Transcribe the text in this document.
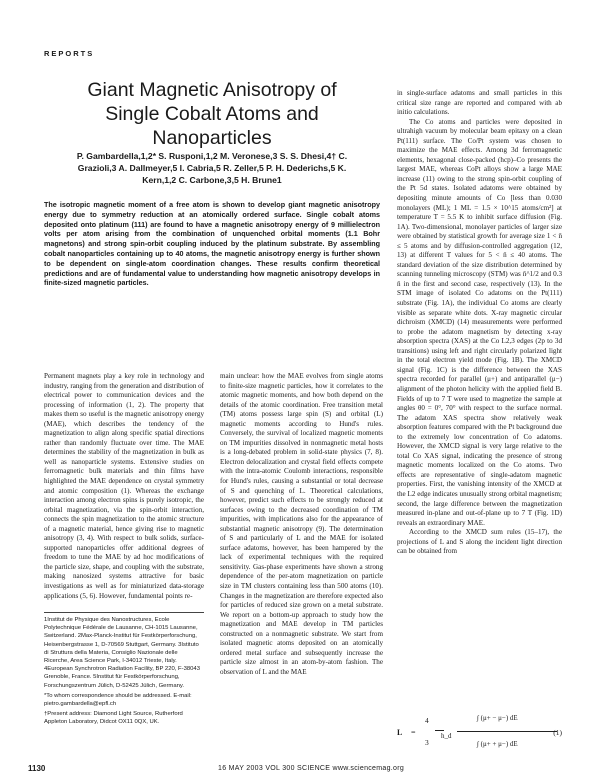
REPORTS
Giant Magnetic Anisotropy of Single Cobalt Atoms and Nanoparticles
P. Gambardella,1,2* S. Rusponi,1,2 M. Veronese,3 S. S. Dhesi,4† C. Grazioli,3 A. Dallmeyer,5 I. Cabria,5 R. Zeller,5 P. H. Dederichs,5 K. Kern,1,2 C. Carbone,3,5 H. Brune1

The isotropic magnetic moment of a free atom is shown to develop giant magnetic anisotropy energy due to symmetry reduction at an atomically ordered surface. Single cobalt atoms deposited onto platinum (111) are found to have a magnetic anisotropy energy of 9 millielectron volts per atom arising from the combination of unquenched orbital moments (1.1 Bohr magnetons) and strong spin-orbit coupling induced by the platinum substrate. By assembling cobalt nanoparticles containing up to 40 atoms, the magnetic anisotropy energy is further shown to be dependent on single-atom coordination changes. These results confirm theoretical predictions and are of fundamental value to understanding how magnetic anisotropy develops in finite-sized magnetic particles.

Permanent magnets play a key role in technology and industry, ranging from the generation and distribution of electrical power to communication devices and the processing of information (1, 2). The property that makes them so useful is the magnetic anisotropy energy (MAE), which describes the tendency of the magnetization to align along specific spatial directions rather than randomly fluctuate over time. The MAE determines the stability of the magnetization in bulk as well as nanoparticle systems. Extensive studies on ferromagnetic bulk materials and thin films have highlighted the MAE dependence on crystal symmetry and atomic composition (1). Whereas the exchange interaction among electron spins is purely isotropic, the orbital magnetization, via the spin-orbit interaction, connects the spin magnetization to the atomic structure of a magnetic material, hence giving rise to magnetic anisotropy (3, 4). With respect to bulk solids, surface-supported nanoparticles offer additional degrees of freedom to tune the MAE by ad hoc modifications of the particle size, shape, and coupling with the substrate, making nanosized systems attractive for basic investigations as well as for miniaturized data-storage applications (5, 6). However, fundamental points re-

1Institut de Physique des Nanostructures, Ecole Polytechnique Fédérale de Lausanne, CH-1015 Lausanne, Switzerland. 2Max-Planck-Institut für Festkörperforschung, Heisenbergstrasse 1, D-70569 Stuttgart, Germany. 3Istituto di Struttura della Materia, Consiglio Nazionale delle Ricerche, Area Science Park, I-34012 Trieste, Italy. 4European Synchrotron Radiation Facility, BP 220, F-38043 Grenoble, France. 5Institut für Festkörperforschung, Forschungszentrum Jülich, D-52425 Jülich, Germany.

*To whom correspondence should be addressed. E-mail: pietro.gambardella@epfl.ch

†Present address: Diamond Light Source, Rutherford Appleton Laboratory, Didcot OX11 0QX, UK.

main unclear: how the MAE evolves from single atoms to finite-size magnetic particles, how it correlates to the atomic magnetic moments, and how both depend on the details of the atomic coordination. Free transition metal (TM) atoms possess large spin (S) and orbital (L) magnetic moments according to Hund's rules. Conversely, the survival of localized magnetic moments on TM impurities dissolved in nonmagnetic metal hosts is a long-debated problem in solid-state physics (7, 8). Electron delocalization and crystal field effects compete with the intra-atomic Coulomb interactions, responsible for Hund's rules, causing a substantial or total decrease of S and quenching of L. Theoretical calculations, however, predict such effects to be strongly reduced at surfaces owing to the decreased coordination of TM impurities, with implications also for the appearance of substantial magnetic anisotropy (9). The determination of S and particularly of L and the MAE for isolated surface adatoms, however, has been hampered by the lack of experimental techniques with the required sensitivity. Gas-phase experiments have shown a strong dependence of the per-atom magnetization on particle size in TM clusters containing less than 500 atoms (10). Changes in the magnetization are therefore expected also for particles of reduced size grown on a metal substrate. We report on a bottom-up approach to study how the magnetization and MAE develop in TM particles constructed on a nonmagnetic substrate. We start from isolated magnetic atoms deposited on an atomically ordered metal surface and subsequently increase the particle size almost in an atom-by-atom fashion. The observation of L and the MAE

in single-surface adatoms and small particles in this critical size range are reported and compared with ab initio calculations.

The Co atoms and particles were deposited in ultrahigh vacuum by molecular beam epitaxy on a clean Pt(111) surface. The Co/Pt system was chosen to maximize the MAE effects. Among 3d ferromagnetic elements, hexagonal close-packed (hcp)–Co presents the largest MAE, whereas CoPt alloys show a large MAE increase (11) owing to the strong spin-orbit coupling of the Pt 5d states. Isolated adatoms were obtained by depositing minute amounts of Co [less than 0.030 monolayers (ML); 1 ML = 1.5 × 10^15 atoms/cm²] at temperature T = 5.5 K to inhibit surface diffusion (Fig. 1A). Two-dimensional, monolayer particles of larger size were obtained by statistical growth for average size 1 < n̄ ≤ 5 atoms and by diffusion-controlled aggregation (12, 13) at different T values for 5 < n̄ ≤ 40 atoms. The standard deviation of the size distribution determined by scanning tunneling microscopy (STM) was n̄^1/2 and 0.3 n̄ in the first and second case, respectively (13). In the STM image of isolated Co adatoms on the Pt(111) substrate (Fig. 1A), the individual Co atoms are clearly visible as separate white dots. X-ray magnetic circular dichroism (XMCD) (14) measurements were performed to probe the adatom magnetism by detecting x-ray absorption spectra (XAS) at the Co L2,3 edges (2p to 3d transitions) using left and right circularly polarized light in the total electron yield mode (Fig. 1B). The XMCD signal (Fig. 1C) is the difference between the XAS spectra recorded for parallel (μ+) and antiparallel (μ−) alignment of the photon helicity with the applied field B. Fields of up to 7 T were used to magnetize the sample at angles θ0 = 0°, 70° with respect to the surface normal. The adatom XAS spectra show relatively weak absorption features compared with the Pt background due to the extremely low concentration of Co adatoms. However, the XMCD signal is very large relative to the total Co XAS signal, indicating the presence of strong magnetic moments localized on the Co atoms. Two effects are representative of single-adatom magnetic properties. First, the vanishing intensity of the XMCD at the L2 edge indicates unusually strong orbital magnetism; second, the large difference between the magnetization measured in-plane and out-of-plane up to 7 T (Fig. 1D) reveals an extraordinary MAE.

According to the XMCD sum rules (15–17), the projections of L and S along the incident light direction can be obtained from

L =
4
3
h_d
∫ (μ+ − μ−) dE
∫ (μ+ + μ−) dE
(1)
1130	16 MAY 2003 VOL 300 SCIENCE www.sciencemag.org
